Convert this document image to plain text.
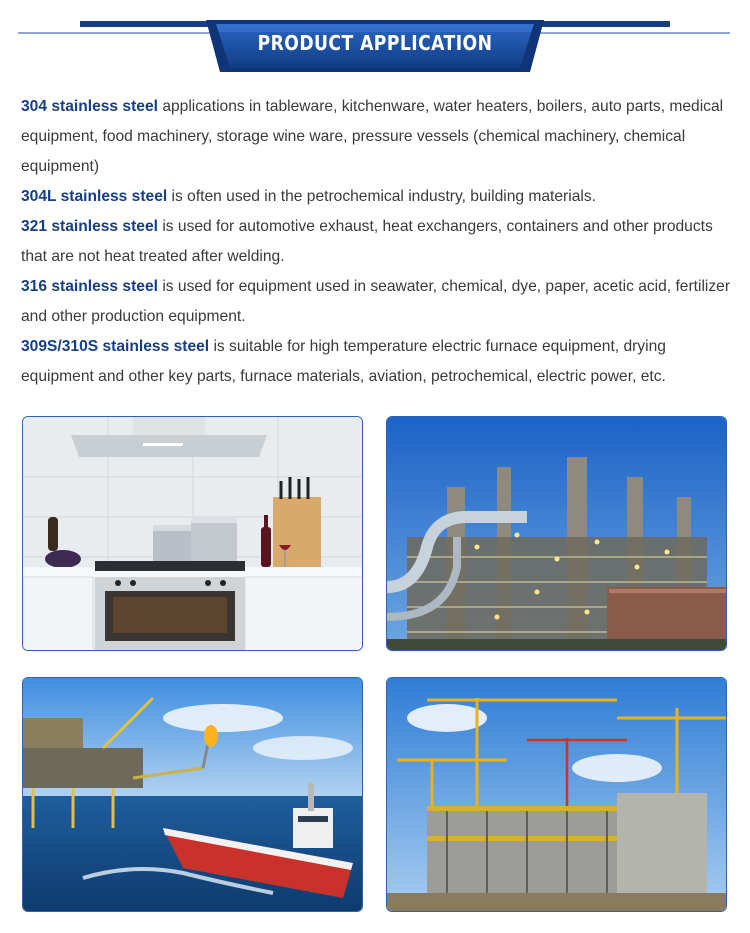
PRODUCT APPLICATION

304 stainless steel applications in tableware, kitchenware, water heaters, boilers, auto parts, medical equipment, food machinery, storage wine ware, pressure vessels (chemical machinery, chemical equipment)

304L stainless steel is often used in the petrochemical industry, building materials.

321 stainless steel is used for automotive exhaust, heat exchangers, containers and other products that are not heat treated after welding.

316 stainless steel is used for equipment used in seawater, chemical, dye, paper, acetic acid, fertilizer and other production equipment.

309S/310S stainless steel is suitable for high temperature electric furnace equipment, drying equipment and other key parts, furnace materials, aviation, petrochemical, electric power, etc.
